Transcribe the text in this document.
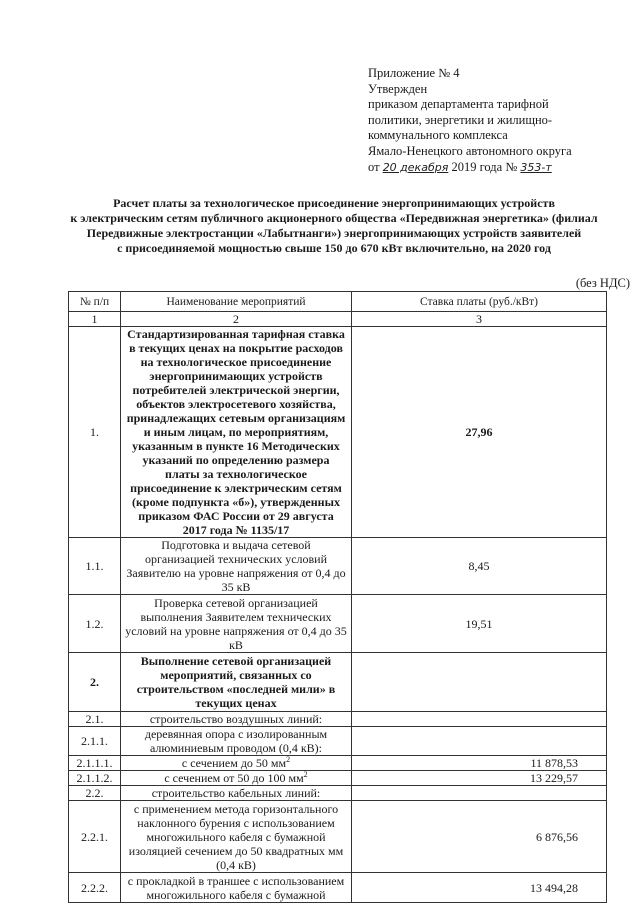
Приложение № 4
Утвержден
приказом департамента тарифной
политики, энергетики и жилищно-
коммунального комплекса
Ямало-Ненецкого автономного округа
от 20 декабря 2019 года № 353-т
Расчет платы за технологическое присоединение энергопринимающих устройств
к электрическим сетям публичного акционерного общества «Передвижная энергетика» (филиал
Передвижные электростанции «Лабытнанги») энергопринимающих устройств заявителей
с присоединяемой мощностью свыше 150 до 670 кВт включительно, на 2020 год
(без НДС)
№ п/п	Наименование мероприятий	Ставка платы (руб./кВт)
1	2	3
1.	Стандартизированная тарифная ставка в текущих ценах на покрытие расходов на технологическое присоединение энергопринимающих устройств потребителей электрической энергии, объектов электросетевого хозяйства, принадлежащих сетевым организациям и иным лицам, по мероприятиям, указанным в пункте 16 Методических указаний по определению размера платы за технологическое присоединение к электрическим сетям (кроме подпункта «б»), утвержденных приказом ФАС России от 29 августа 2017 года № 1135/17	27,96
1.1.	Подготовка и выдача сетевой организацией технических условий Заявителю на уровне напряжения от 0,4 до 35 кВ	8,45
1.2.	Проверка сетевой организацией выполнения Заявителем технических условий на уровне напряжения от 0,4 до 35 кВ	19,51
2.	Выполнение сетевой организацией мероприятий, связанных со строительством «последней мили» в текущих ценах	
2.1.	строительство воздушных линий:	
2.1.1.	деревянная опора с изолированным алюминиевым проводом (0,4 кВ):	
2.1.1.1.	с сечением до 50 $мм^2$	11 878,53
2.1.1.2.	с сечением от 50 до 100 $мм^2$	13 229,57
2.2.	строительство кабельных линий:	
2.2.1.	с применением метода горизонтального наклонного бурения с использованием многожильного кабеля с бумажной изоляцией сечением до 50 квадратных мм (0,4 кВ)	6 876,56
2.2.2.	с прокладкой в траншее с использованием многожильного кабеля с бумажной	13 494,28
